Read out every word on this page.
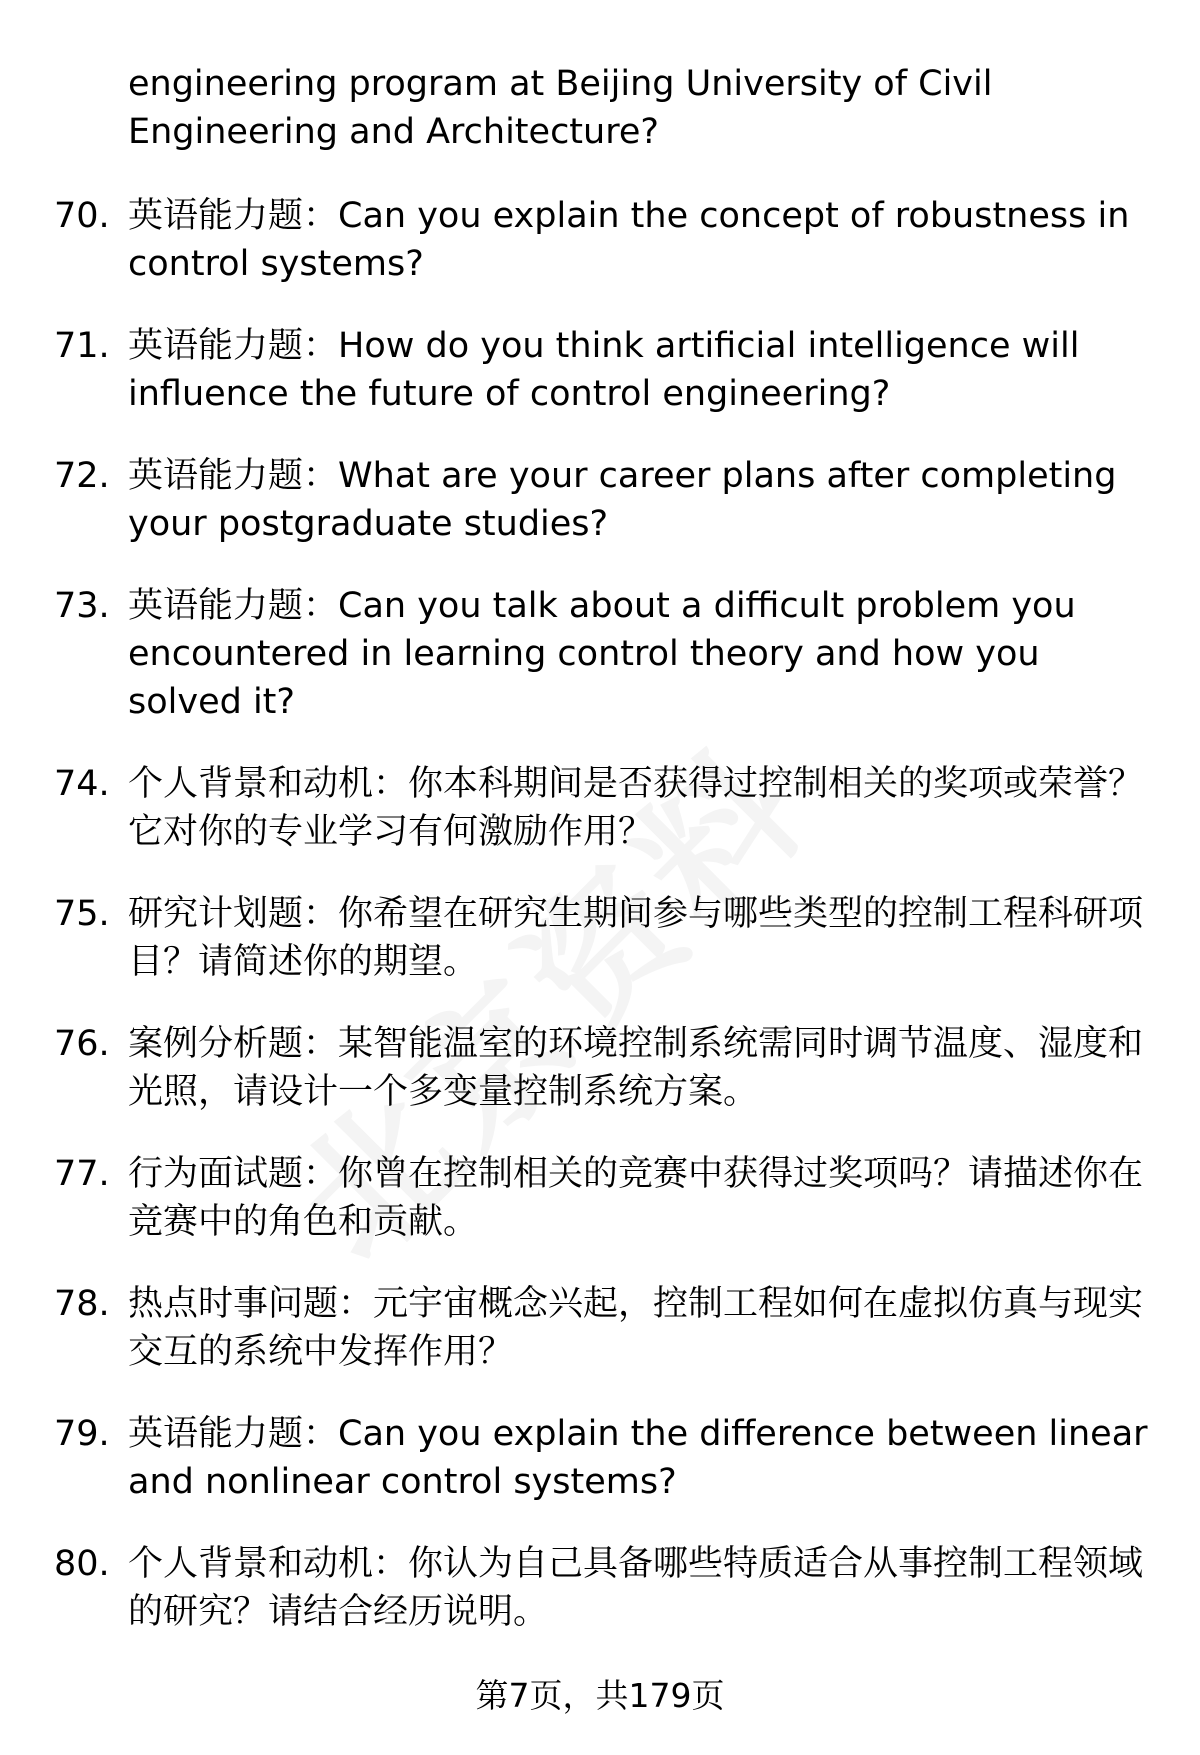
engineering program at Beijing University of Civil Engineering and Architecture?
70. 英语能力题：Can you explain the concept of robustness in control systems?
71. 英语能力题：How do you think artificial intelligence will influence the future of control engineering?
72. 英语能力题：What are your career plans after completing your postgraduate studies?
73. 英语能力题：Can you talk about a difficult problem you encountered in learning control theory and how you solved it?
74. 个人背景和动机：你本科期间是否获得过控制相关的奖项或荣誉？它对你的专业学习有何激励作用？
75. 研究计划题：你希望在研究生期间参与哪些类型的控制工程科研项目？请简述你的期望。
76. 案例分析题：某智能温室的环境控制系统需同时调节温度、湿度和光照，请设计一个多变量控制系统方案。
77. 行为面试题：你曾在控制相关的竞赛中获得过奖项吗？请描述你在竞赛中的角色和贡献。
78. 热点时事问题：元宇宙概念兴起，控制工程如何在虚拟仿真与现实交互的系统中发挥作用？
79. 英语能力题：Can you explain the difference between linear and nonlinear control systems?
80. 个人背景和动机：你认为自己具备哪些特质适合从事控制工程领域的研究？请结合经历说明。
第7页，共179页
